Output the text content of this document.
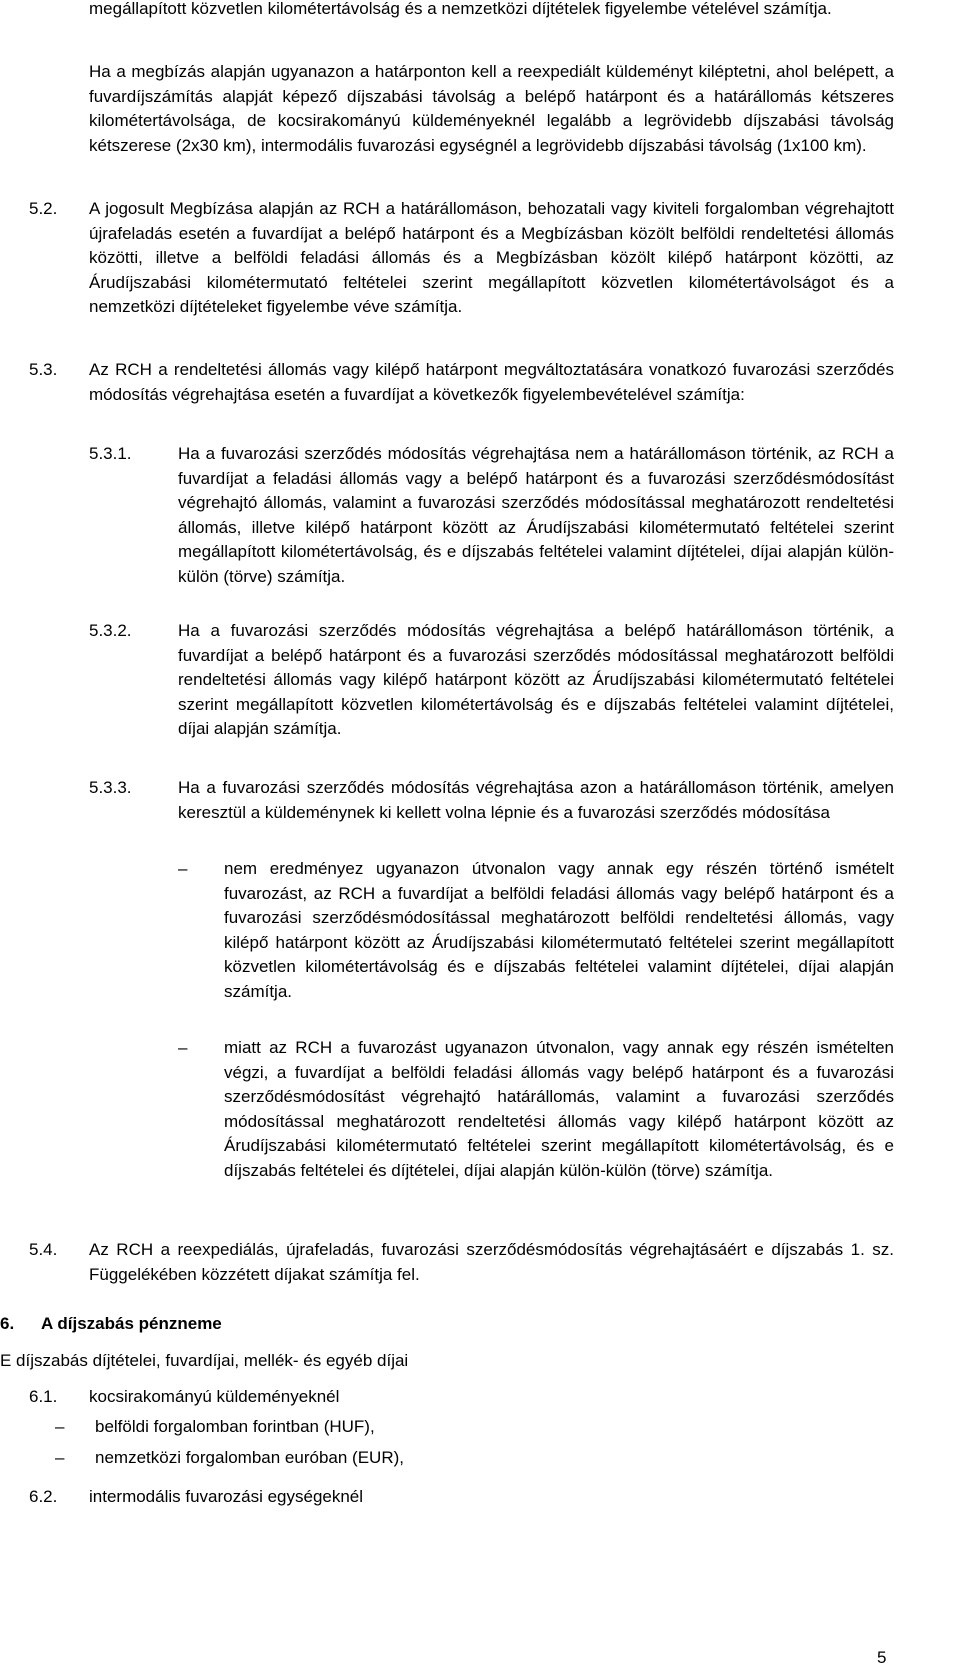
megállapított közvetlen kilométertávolság és a nemzetközi díjtételek figyelembe vételével számítja.

Ha a megbízás alapján ugyanazon a határponton kell a reexpediált küldeményt kiléptetni, ahol belépett, a fuvardíjszámítás alapját képező díjszabási távolság a belépő határpont és a határállomás kétszeres kilométertávolsága, de kocsirakományú küldeményeknél legalább a legrövidebb díjszabási távolság kétszerese (2x30 km), intermodális fuvarozási egységnél a legrövidebb díjszabási távolság (1x100 km).

5.2. A jogosult Megbízása alapján az RCH a határállomáson, behozatali vagy kiviteli forgalomban végrehajtott újrafeladás esetén a fuvardíjat a belépő határpont és a Megbízásban közölt belföldi rendeltetési állomás közötti, illetve a belföldi feladási állomás és a Megbízásban közölt kilépő határpont közötti, az Árudíjszabási kilométermutató feltételei szerint megállapított közvetlen kilométertávolságot és a nemzetközi díjtételeket figyelembe véve számítja.

5.3. Az RCH a rendeltetési állomás vagy kilépő határpont megváltoztatására vonatkozó fuvarozási szerződés módosítás végrehajtása esetén a fuvardíjat a következők figyelembevételével számítja:

5.3.1.	Ha a fuvarozási szerződés módosítás végrehajtása nem a határállomáson történik, az RCH a fuvardíjat a feladási állomás vagy a belépő határpont és a fuvarozási szerződésmódosítást végrehajtó állomás, valamint a fuvarozási szerződés módosítással meghatározott rendeltetési állomás, illetve kilépő határpont között az Árudíjszabási kilométermutató feltételei szerint megállapított kilométertávolság, és e díjszabás feltételei valamint díjtételei, díjai alapján külön-külön (törve) számítja.

5.3.2.	Ha a fuvarozási szerződés módosítás végrehajtása a belépő határállomáson történik, a fuvardíjat a belépő határpont és a fuvarozási szerződés módosítással meghatározott belföldi rendeltetési állomás vagy kilépő határpont között az Árudíjszabási kilométermutató feltételei szerint megállapított közvetlen kilométertávolság és e díjszabás feltételei valamint díjtételei, díjai alapján számítja.

5.3.3.	Ha a fuvarozási szerződés módosítás végrehajtása azon a határállomáson történik, amelyen keresztül a küldeménynek ki kellett volna lépnie és a fuvarozási szerződés módosítása

– nem eredményez ugyanazon útvonalon vagy annak egy részén történő ismételt fuvarozást, az RCH a fuvardíjat a belföldi feladási állomás vagy belépő határpont és a fuvarozási szerződésmódosítással meghatározott belföldi rendeltetési állomás, vagy kilépő határpont között az Árudíjszabási kilométermutató feltételei szerint megállapított közvetlen kilométertávolság és e díjszabás feltételei valamint díjtételei, díjai alapján számítja.

– miatt az RCH a fuvarozást ugyanazon útvonalon, vagy annak egy részén ismételten végzi, a fuvardíjat a belföldi feladási állomás vagy belépő határpont és a fuvarozási szerződésmódosítást végrehajtó határállomás, valamint a fuvarozási szerződés módosítással meghatározott rendeltetési állomás vagy kilépő határpont között az Árudíjszabási kilométermutató feltételei szerint megállapított kilométertávolság, és e díjszabás feltételei és díjtételei, díjai alapján külön-külön (törve) számítja.

5.4. Az RCH a reexpediálás, újrafeladás, fuvarozási szerződésmódosítás végrehajtásáért e díjszabás 1. sz. Függelékében közzétett díjakat számítja fel.

6. A díjszabás pénzneme

E díjszabás díjtételei, fuvardíjai, mellék- és egyéb díjai

6.1. kocsirakományú küldeményeknél
– belföldi forgalomban forintban (HUF),
– nemzetközi forgalomban euróban (EUR),
6.2. intermodális fuvarozási egységeknél
5
